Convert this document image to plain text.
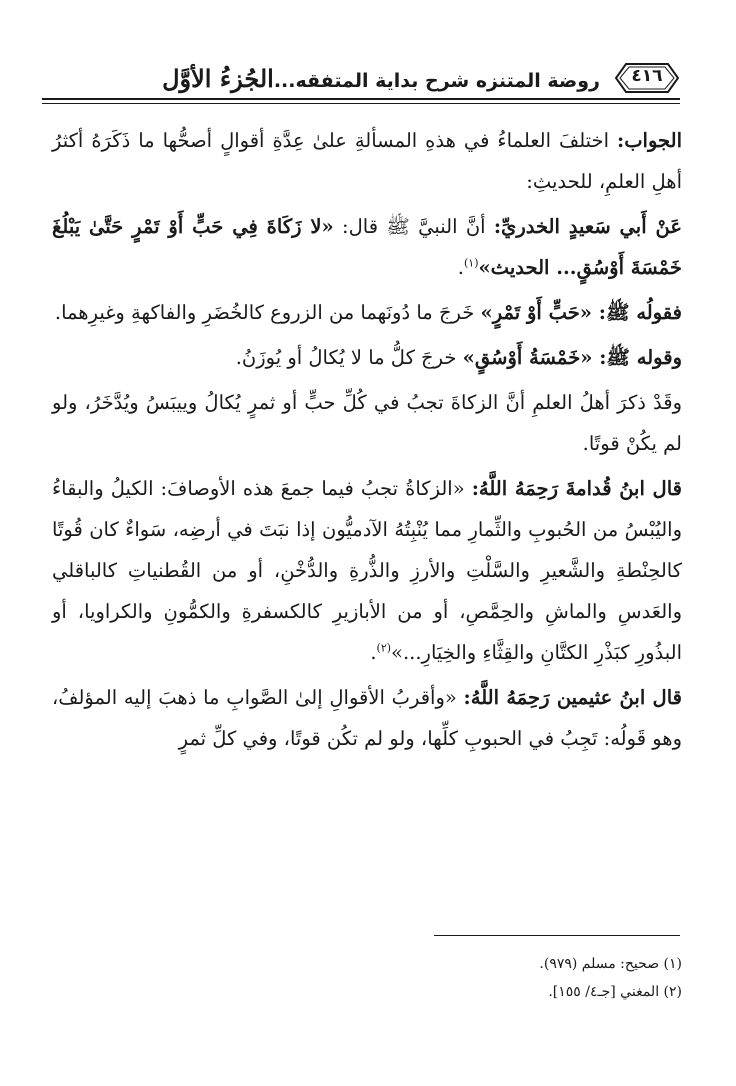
٤١٦
روضة المتنزه شرح بداية المتفقه...الجُزءُ الأوَّل

الجواب: اختلفَ العلماءُ في هذهِ المسألةِ علىٰ عِدَّةِ أقوالٍ أصحُّها ما ذَكَرَهُ أكثرُ أهلِ العلمِ، للحديثِ:

عَنْ أَبي سَعيدٍ الخدريِّ: أنَّ النبيَّ ﷺ قال: «لا زَكَاةَ فِي حَبٍّ أَوْ تَمْرٍ حَتَّىٰ يَبْلُغَ خَمْسَةَ أَوْسُقٍ... الحديث»$^{(١)}$.

فقولُه ﷺ: «حَبٍّ أَوْ تَمْرٍ» خَرجَ ما دُونَهما من الزروع كالخُضَرِ والفاكهةِ وغيرِهما.

وقوله ﷺ: «خَمْسَةُ أَوْسُقٍ» خرجَ كلُّ ما لا يُكالُ أو يُوزَنُ.

وقَدْ ذكرَ أهلُ العلمِ أنَّ الزكاةَ تجبُ في كُلِّ حبٍّ أو ثمرٍ يُكالُ وييبَسُ ويُدَّخَرُ، ولو لم يكُنْ قوتًا.

قال ابنُ قُدامةَ رَحِمَهُ اللَّهُ: «الزكاةُ تجبُ فيما جمعَ هذه الأوصافَ: الكيلُ والبقاءُ واليُبْسُ من الحُبوبِ والثِّمارِ مما يُنْبِتُهُ الآدميُّون إذا نبَتَ في أرضِه، سَواءٌ كان قُوتًا كالحِنْطةِ والشَّعيرِ والسَّلْتِ والأرزِ والذُّرةِ والدُّخْنِ، أو من القُطنياتِ كالباقلي والعَدسِ والماشِ والحِمَّصِ، أو من الأبازيرِ كالكسفرةِ والكمُّونِ والكراويا، أو البذُورِ كبَذْرِ الكتَّانِ والقِثَّاءِ والخِيَارِ...»$^{(٢)}$.

قال ابنُ عثيمين رَحِمَهُ اللَّهُ: «وأقربُ الأقوالِ إلىٰ الصَّوابِ ما ذهبَ إليه المؤلفُ، وهو قَولُه: تَجِبُ في الحبوبِ كلِّها، ولو لم تكُن قوتًا، وفي كلِّ ثمرٍ

(١) صحيح: مسلم (٩٧٩).
(٢) المغني [جـ٤/ ١٥٥].
